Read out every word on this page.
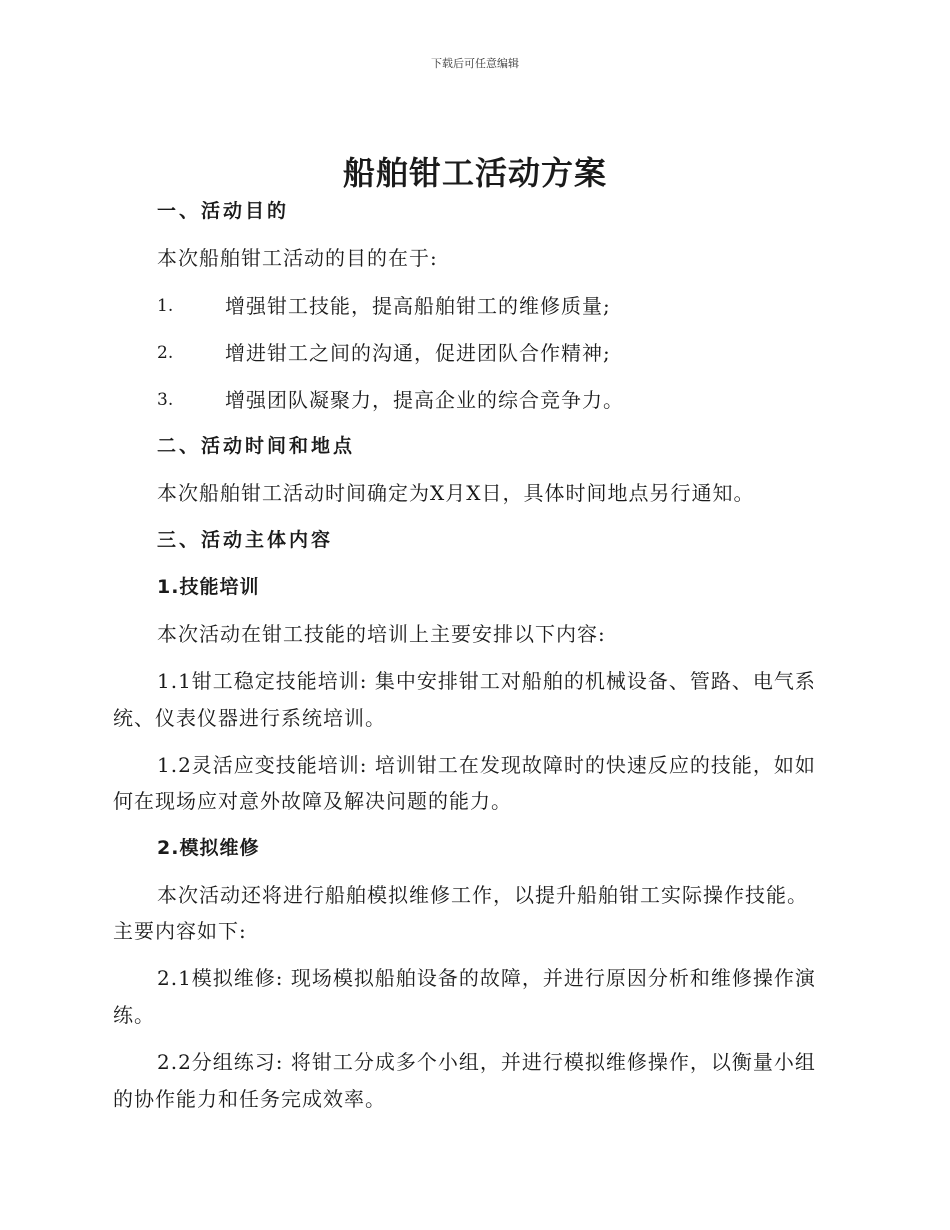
下载后可任意编辑
船舶钳工活动方案
一、活动目的
本次船舶钳工活动的目的在于:
1.	增强钳工技能，提高船舶钳工的维修质量;
2.	增进钳工之间的沟通，促进团队合作精神;
3.	增强团队凝聚力，提高企业的综合竞争力。
二、活动时间和地点
本次船舶钳工活动时间确定为X月X日，具体时间地点另行通知。
三、活动主体内容
1.技能培训
本次活动在钳工技能的培训上主要安排以下内容:
1.1钳工稳定技能培训: 集中安排钳工对船舶的机械设备、管路、电气系
统、仪表仪器进行系统培训。
1.2灵活应变技能培训: 培训钳工在发现故障时的快速反应的技能，如如
何在现场应对意外故障及解决问题的能力。
2.模拟维修
本次活动还将进行船舶模拟维修工作，以提升船舶钳工实际操作技能。
主要内容如下:
2.1模拟维修: 现场模拟船舶设备的故障，并进行原因分析和维修操作演
练。
2.2分组练习: 将钳工分成多个小组，并进行模拟维修操作，以衡量小组
的协作能力和任务完成效率。
